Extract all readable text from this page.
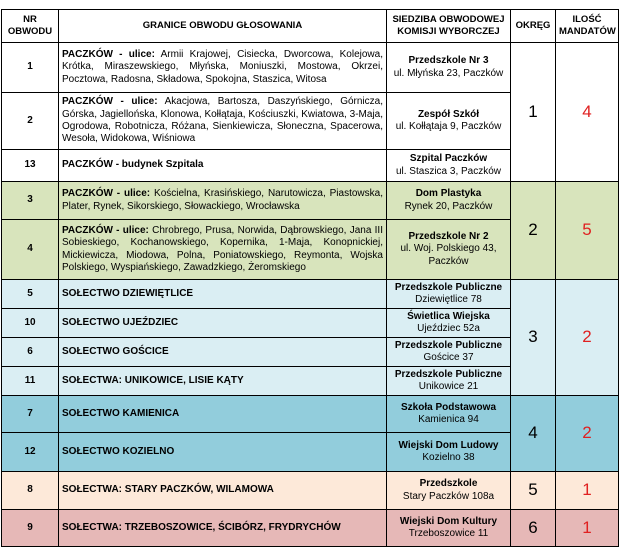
NR OBWODU	GRANICE OBWODU GŁOSOWANIA	SIEDZIBA OBWODOWEJ KOMISJI WYBORCZEJ	OKRĘG	ILOŚĆ MANDATÓW
1	PACZKÓW - ulice: Armii Krajowej, Cisiecka, Dworcowa, Kolejowa, Krótka, Miraszewskiego, Młyńska, Moniuszki, Mostowa, Okrzei, Pocztowa, Radosna, Składowa, Spokojna, Staszica, Witosa	Przedszkole Nr 3
ul. Młyńska 23, Paczków	1	4
2	PACZKÓW - ulice: Akacjowa, Bartosza, Daszyńskiego, Górnicza, Górska, Jagiellońska, Klonowa, Kołłątaja, Kościuszki, Kwiatowa, 3-Maja, Ogrodowa, Robotnicza, Różana, Sienkiewicza, Słoneczna, Spacerowa, Wesoła, Widokowa, Wiśniowa	Zespół Szkół
ul. Kołłątaja 9, Paczków		
13	PACZKÓW - budynek Szpitala	Szpital Paczków
ul. Staszica 3, Paczków		
3	PACZKÓW - ulice: Kościelna, Krasińskiego, Narutowicza, Piastowska, Plater, Rynek, Sikorskiego, Słowackiego, Wrocławska	Dom Plastyka
Rynek 20, Paczków	2	5
4	PACZKÓW - ulice: Chrobrego, Prusa, Norwida, Dąbrowskiego, Jana III Sobieskiego, Kochanowskiego, Kopernika, 1-Maja, Konopnickiej, Mickiewicza, Miodowa, Polna, Poniatowskiego, Reymonta, Wojska Polskiego, Wyspiańskiego, Zawadzkiego, Żeromskiego	Przedszkole Nr 2
ul. Woj. Polskiego 43, Paczków		
5	SOŁECTWO DZIEWIĘTLICE	Przedszkole Publiczne
Dziewiętlice 78	3	2
10	SOŁECTWO UJEŹDZIEC	Świetlica Wiejska
Ujeździec 52a		
6	SOŁECTWO GOŚCICE	Przedszkole Publiczne
Gościce 37		
11	SOŁECTWA: UNIKOWICE, LISIE KĄTY	Przedszkole Publiczne
Unikowice 21		
7	SOŁECTWO KAMIENICA	Szkoła Podstawowa
Kamienica 94	4	2
12	SOŁECTWO KOZIELNO	Wiejski Dom Ludowy
Kozielno 38		
8	SOŁECTWA: STARY PACZKÓW, WILAMOWA	Przedszkole
Stary Paczków 108a	5	1
9	SOŁECTWA: TRZEBOSZOWICE, ŚCIBÓRZ, FRYDRYCHÓW	Wiejski Dom Kultury
Trzeboszowice 11	6	1
